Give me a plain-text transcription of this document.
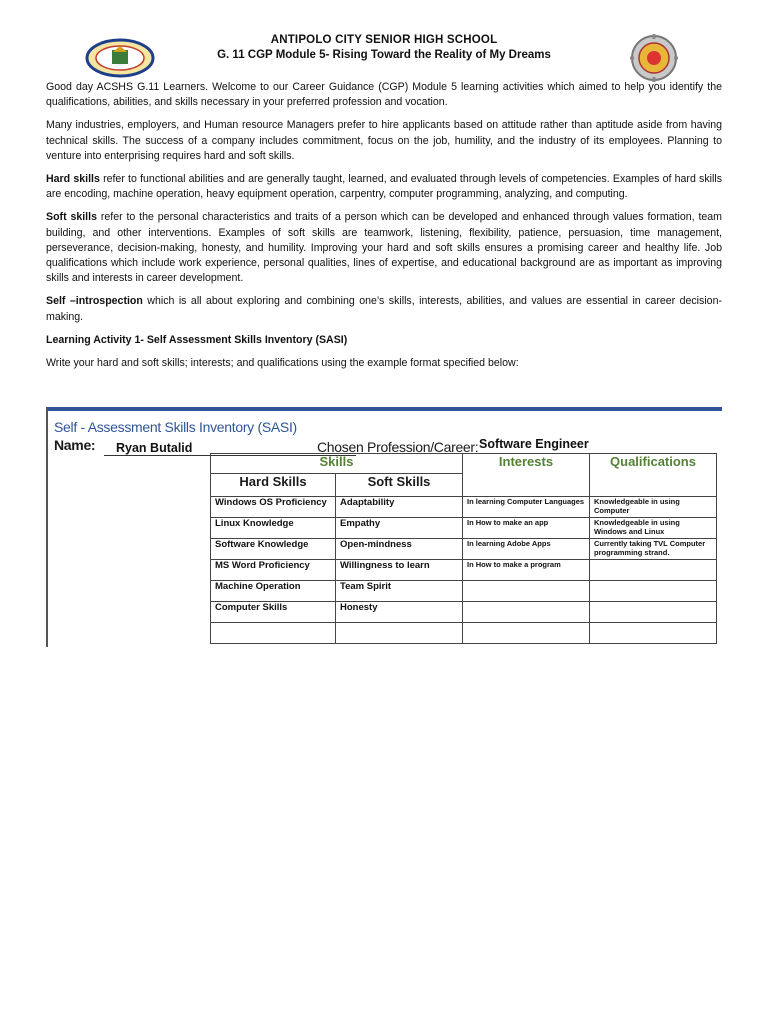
ANTIPOLO CITY SENIOR HIGH SCHOOL
G. 11 CGP Module 5- Rising Toward the Reality of My Dreams

Good day ACSHS G.11 Learners. Welcome to our Career Guidance (CGP) Module 5 learning activities which aimed to help you identify the qualifications, abilities, and skills necessary in your preferred profession and vocation.

Many industries, employers, and Human resource Managers prefer to hire applicants based on attitude rather than aptitude aside from having technical skills. The success of a company includes commitment, focus on the job, humility, and the industry of its employees. Planning to venture into enterprising requires hard and soft skills.

Hard skills refer to functional abilities and are generally taught, learned, and evaluated through levels of competencies. Examples of hard skills are encoding, machine operation, heavy equipment operation, carpentry, computer programming, analyzing, and computing.

Soft skills refer to the personal characteristics and traits of a person which can be developed and enhanced through values formation, team building, and other interventions. Examples of soft skills are teamwork, listening, flexibility, patience, persuasion, time management, perseverance, decision-making, honesty, and humility. Improving your hard and soft skills ensures a promising career and healthy life. Job qualifications which include work experience, personal qualities, lines of expertise, and educational background are as important as improving skills and interests in career development.

Self –introspection which is all about exploring and combining one’s skills, interests, abilities, and values are essential in career decision-making.

Learning Activity 1- Self Assessment Skills Inventory (SASI)

Write your hard and soft skills; interests; and qualifications using the example format specified below:

Self - Assessment Skills Inventory (SASI)
Name:	Ryan Butalid	Chosen Profession/Career: Software Engineer
Skills		Interests	Qualifications
Hard Skills	Soft Skills		
Windows OS Proficiency	Adaptability	In learning Computer Languages	Knowledgeable in using Computer
Linux Knowledge	Empathy	In How to make an app	Knowledgeable in using Windows and Linux
Software Knowledge	Open-mindness	In learning Adobe Apps	Currently taking TVL Computer programming strand.
MS Word Proficiency	Willingness to learn	In How to make a program	
Machine Operation	Team Spirit		
Computer Skills	Honesty		
